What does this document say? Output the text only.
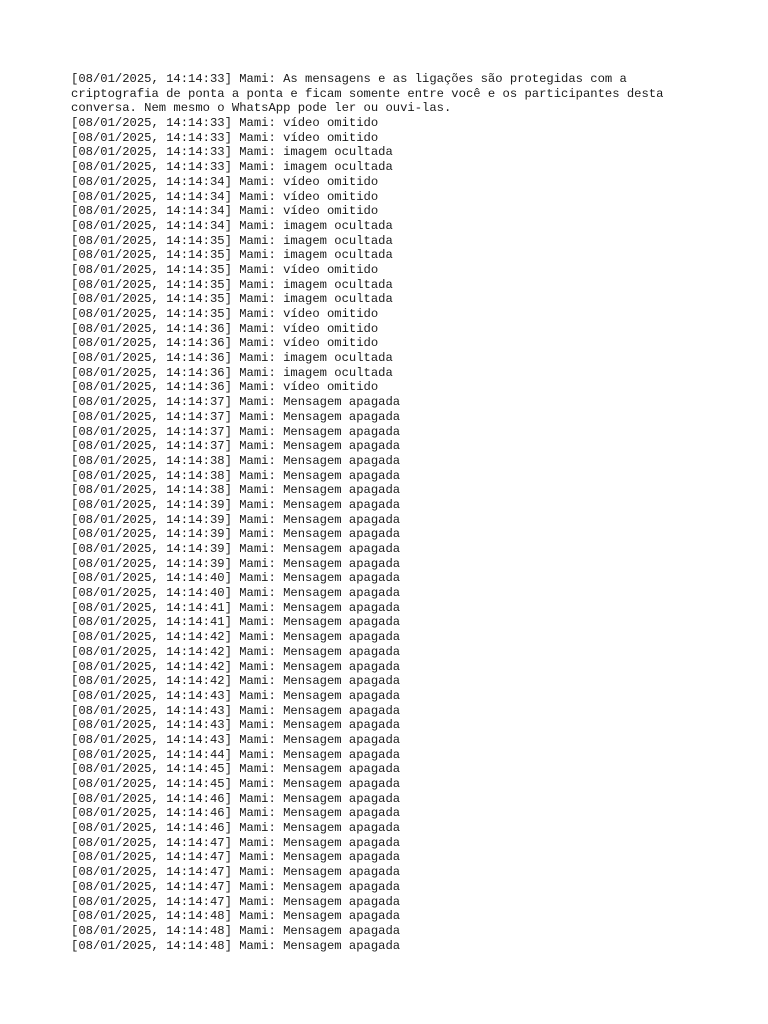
[08/01/2025, 14:14:33] Mami: As mensagens e as ligações são protegidas com a
criptografia de ponta a ponta e ficam somente entre você e os participantes desta
conversa. Nem mesmo o WhatsApp pode ler ou ouvi-las.
[08/01/2025, 14:14:33] Mami: vídeo omitido
[08/01/2025, 14:14:33] Mami: vídeo omitido
[08/01/2025, 14:14:33] Mami: imagem ocultada
[08/01/2025, 14:14:33] Mami: imagem ocultada
[08/01/2025, 14:14:34] Mami: vídeo omitido
[08/01/2025, 14:14:34] Mami: vídeo omitido
[08/01/2025, 14:14:34] Mami: vídeo omitido
[08/01/2025, 14:14:34] Mami: imagem ocultada
[08/01/2025, 14:14:35] Mami: imagem ocultada
[08/01/2025, 14:14:35] Mami: imagem ocultada
[08/01/2025, 14:14:35] Mami: vídeo omitido
[08/01/2025, 14:14:35] Mami: imagem ocultada
[08/01/2025, 14:14:35] Mami: imagem ocultada
[08/01/2025, 14:14:35] Mami: vídeo omitido
[08/01/2025, 14:14:36] Mami: vídeo omitido
[08/01/2025, 14:14:36] Mami: vídeo omitido
[08/01/2025, 14:14:36] Mami: imagem ocultada
[08/01/2025, 14:14:36] Mami: imagem ocultada
[08/01/2025, 14:14:36] Mami: vídeo omitido
[08/01/2025, 14:14:37] Mami: Mensagem apagada
[08/01/2025, 14:14:37] Mami: Mensagem apagada
[08/01/2025, 14:14:37] Mami: Mensagem apagada
[08/01/2025, 14:14:37] Mami: Mensagem apagada
[08/01/2025, 14:14:38] Mami: Mensagem apagada
[08/01/2025, 14:14:38] Mami: Mensagem apagada
[08/01/2025, 14:14:38] Mami: Mensagem apagada
[08/01/2025, 14:14:39] Mami: Mensagem apagada
[08/01/2025, 14:14:39] Mami: Mensagem apagada
[08/01/2025, 14:14:39] Mami: Mensagem apagada
[08/01/2025, 14:14:39] Mami: Mensagem apagada
[08/01/2025, 14:14:39] Mami: Mensagem apagada
[08/01/2025, 14:14:40] Mami: Mensagem apagada
[08/01/2025, 14:14:40] Mami: Mensagem apagada
[08/01/2025, 14:14:41] Mami: Mensagem apagada
[08/01/2025, 14:14:41] Mami: Mensagem apagada
[08/01/2025, 14:14:42] Mami: Mensagem apagada
[08/01/2025, 14:14:42] Mami: Mensagem apagada
[08/01/2025, 14:14:42] Mami: Mensagem apagada
[08/01/2025, 14:14:42] Mami: Mensagem apagada
[08/01/2025, 14:14:43] Mami: Mensagem apagada
[08/01/2025, 14:14:43] Mami: Mensagem apagada
[08/01/2025, 14:14:43] Mami: Mensagem apagada
[08/01/2025, 14:14:43] Mami: Mensagem apagada
[08/01/2025, 14:14:44] Mami: Mensagem apagada
[08/01/2025, 14:14:45] Mami: Mensagem apagada
[08/01/2025, 14:14:45] Mami: Mensagem apagada
[08/01/2025, 14:14:46] Mami: Mensagem apagada
[08/01/2025, 14:14:46] Mami: Mensagem apagada
[08/01/2025, 14:14:46] Mami: Mensagem apagada
[08/01/2025, 14:14:47] Mami: Mensagem apagada
[08/01/2025, 14:14:47] Mami: Mensagem apagada
[08/01/2025, 14:14:47] Mami: Mensagem apagada
[08/01/2025, 14:14:47] Mami: Mensagem apagada
[08/01/2025, 14:14:47] Mami: Mensagem apagada
[08/01/2025, 14:14:48] Mami: Mensagem apagada
[08/01/2025, 14:14:48] Mami: Mensagem apagada
[08/01/2025, 14:14:48] Mami: Mensagem apagada
